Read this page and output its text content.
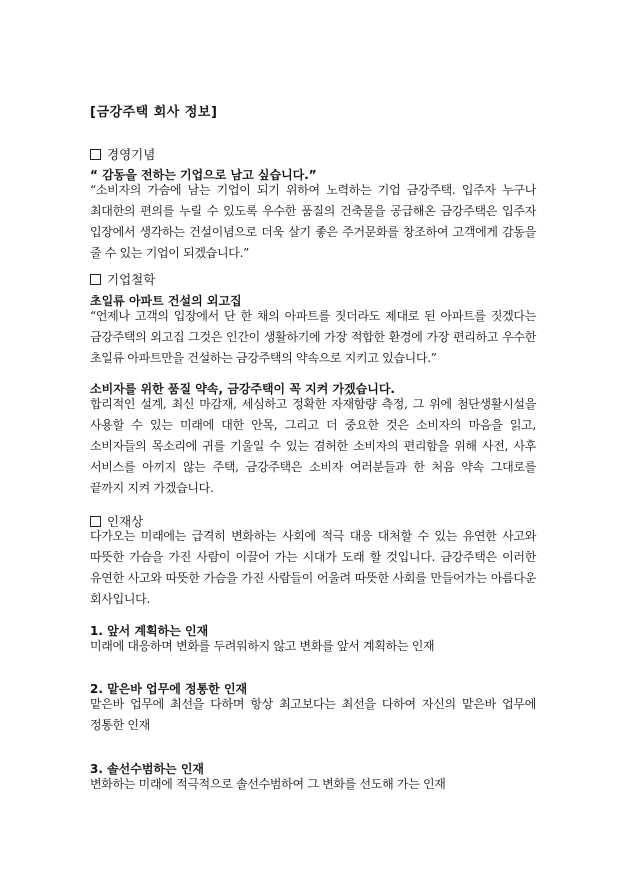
[금강주택 회사 정보]
경영기념
“ 감동을 전하는 기업으로 남고 싶습니다.”
“소비자의 가슴에 남는 기업이 되기 위하여 노력하는 기업 금강주택. 입주자 누구나 최대한의 편의를 누릴 수 있도록 우수한 품질의 건축물을 공급해온 금강주택은 입주자 입장에서 생각하는 건설이념으로 더욱 살기 좋은 주거문화를 창조하여 고객에게 감동을 줄 수 있는 기업이 되겠습니다.”
기업철학
초일류 아파트 건설의 외고집
“언제나 고객의 입장에서 단 한 채의 아파트를 짓더라도 제대로 된 아파트를 짓겠다는 금강주택의 외고집 그것은 인간이 생활하기에 가장 적합한 환경에 가장 편리하고 우수한 초일류 아파트만을 건설하는 금강주택의 약속으로 지키고 있습니다.”
소비자를 위한 품질 약속, 금강주택이 꼭 지켜 가겠습니다.
합리적인 설계, 최신 마감재, 세심하고 정확한 자재함량 측정, 그 위에 첨단생활시설을 사용할 수 있는 미래에 대한 안목, 그리고 더 중요한 것은 소비자의 마음을 읽고, 소비자들의 목소리에 귀를 기울일 수 있는 겸허한 소비자의 편리함을 위해 사전, 사후 서비스를 아끼지 않는 주택, 금강주택은 소비자 여러분들과 한 처음 약속 그대로를 끝까지 지켜 가겠습니다.
인재상
다가오는 미래에는 급격히 변화하는 사회에 적극 대응 대처할 수 있는 유연한 사고와 따뜻한 가슴을 가진 사람이 이끌어 가는 시대가 도래 할 것입니다. 금강주택은 이러한 유연한 사고와 따뜻한 가슴을 가진 사람들이 어울려 따뜻한 사회를 만들어가는 아름다운 회사입니다.
1. 앞서 계획하는 인재
미래에 대응하며 변화를 두려워하지 않고 변화를 앞서 계획하는 인재
2. 맡은바 업무에 정통한 인재
맡은바 업무에 최선을 다하며 항상 최고보다는 최선을 다하여 자신의 맡은바 업무에 정통한 인재
3. 솔선수범하는 인재
변화하는 미래에 적극적으로 솔선수범하여 그 변화를 선도해 가는 인재
